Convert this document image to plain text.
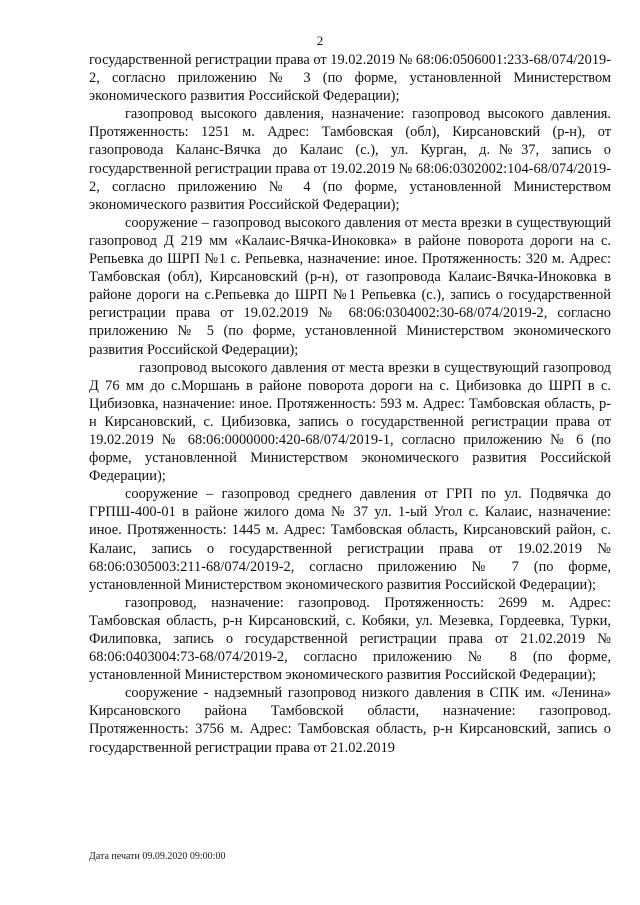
2

государственной регистрации права от 19.02.2019 № 68:06:0506001:233-68/074/2019-2, согласно приложению № 3 (по форме, установленной Министерством экономического развития Российской Федерации);

газопровод высокого давления, назначение: газопровод высокого давления. Протяженность: 1251 м. Адрес: Тамбовская (обл), Кирсановский (р-н), от газопровода Каланс-Вячка до Калаис (с.), ул. Курган, д.№37, запись о государственной регистрации права от 19.02.2019 № 68:06:0302002:104-68/074/2019-2, согласно приложению № 4 (по форме, установленной Министерством экономического развития Российской Федерации);

сооружение – газопровод высокого давления от места врезки в существующий газопровод Д 219 мм «Калаис-Вячка-Иноковка» в районе поворота дороги на с. Репьевка до ШРП №1 с. Репьевка, назначение: иное. Протяженность: 320 м. Адрес: Тамбовская (обл), Кирсановский (р-н), от газопровода Калаис-Вячка-Иноковка в районе дороги на с.Репьевка до ШРП №1 Репьевка (с.), запись о государственной регистрации права от 19.02.2019 № 68:06:0304002:30-68/074/2019-2, согласно приложению № 5 (по форме, установленной Министерством экономического развития Российской Федерации);

газопровод высокого давления от места врезки в существующий газопровод Д 76 мм до с.Моршань в районе поворота дороги на с. Цибизовка до ШРП в с. Цибизовка, назначение: иное. Протяженность: 593 м. Адрес: Тамбовская область, р-н Кирсановский, с. Цибизовка, запись о государственной регистрации права от 19.02.2019 № 68:06:0000000:420-68/074/2019-1, согласно приложению № 6 (по форме, установленной Министерством экономического развития Российской Федерации);

сооружение – газопровод среднего давления от ГРП по ул. Подвячка до ГРПШ-400-01 в районе жилого дома № 37 ул. 1-ый Угол с. Калаис, назначение: иное. Протяженность: 1445 м. Адрес: Тамбовская область, Кирсановский район, с. Калаис, запись о государственной регистрации права от 19.02.2019 № 68:06:0305003:211-68/074/2019-2, согласно приложению № 7 (по форме, установленной Министерством экономического развития Российской Федерации);

газопровод, назначение: газопровод. Протяженность: 2699 м. Адрес: Тамбовская область, р-н Кирсановский, с. Кобяки, ул. Мезевка, Гордеевка, Турки, Филиповка, запись о государственной регистрации права от 21.02.2019 № 68:06:0403004:73-68/074/2019-2, согласно приложению № 8 (по форме, установленной Министерством экономического развития Российской Федерации);

сооружение - надземный газопровод низкого давления в СПК им. «Ленина» Кирсановского района Тамбовской области, назначение: газопровод. Протяженность: 3756 м. Адрес: Тамбовская область, р-н Кирсановский, запись о государственной регистрации права от 21.02.2019

Дата печати 09.09.2020 09:00:00
